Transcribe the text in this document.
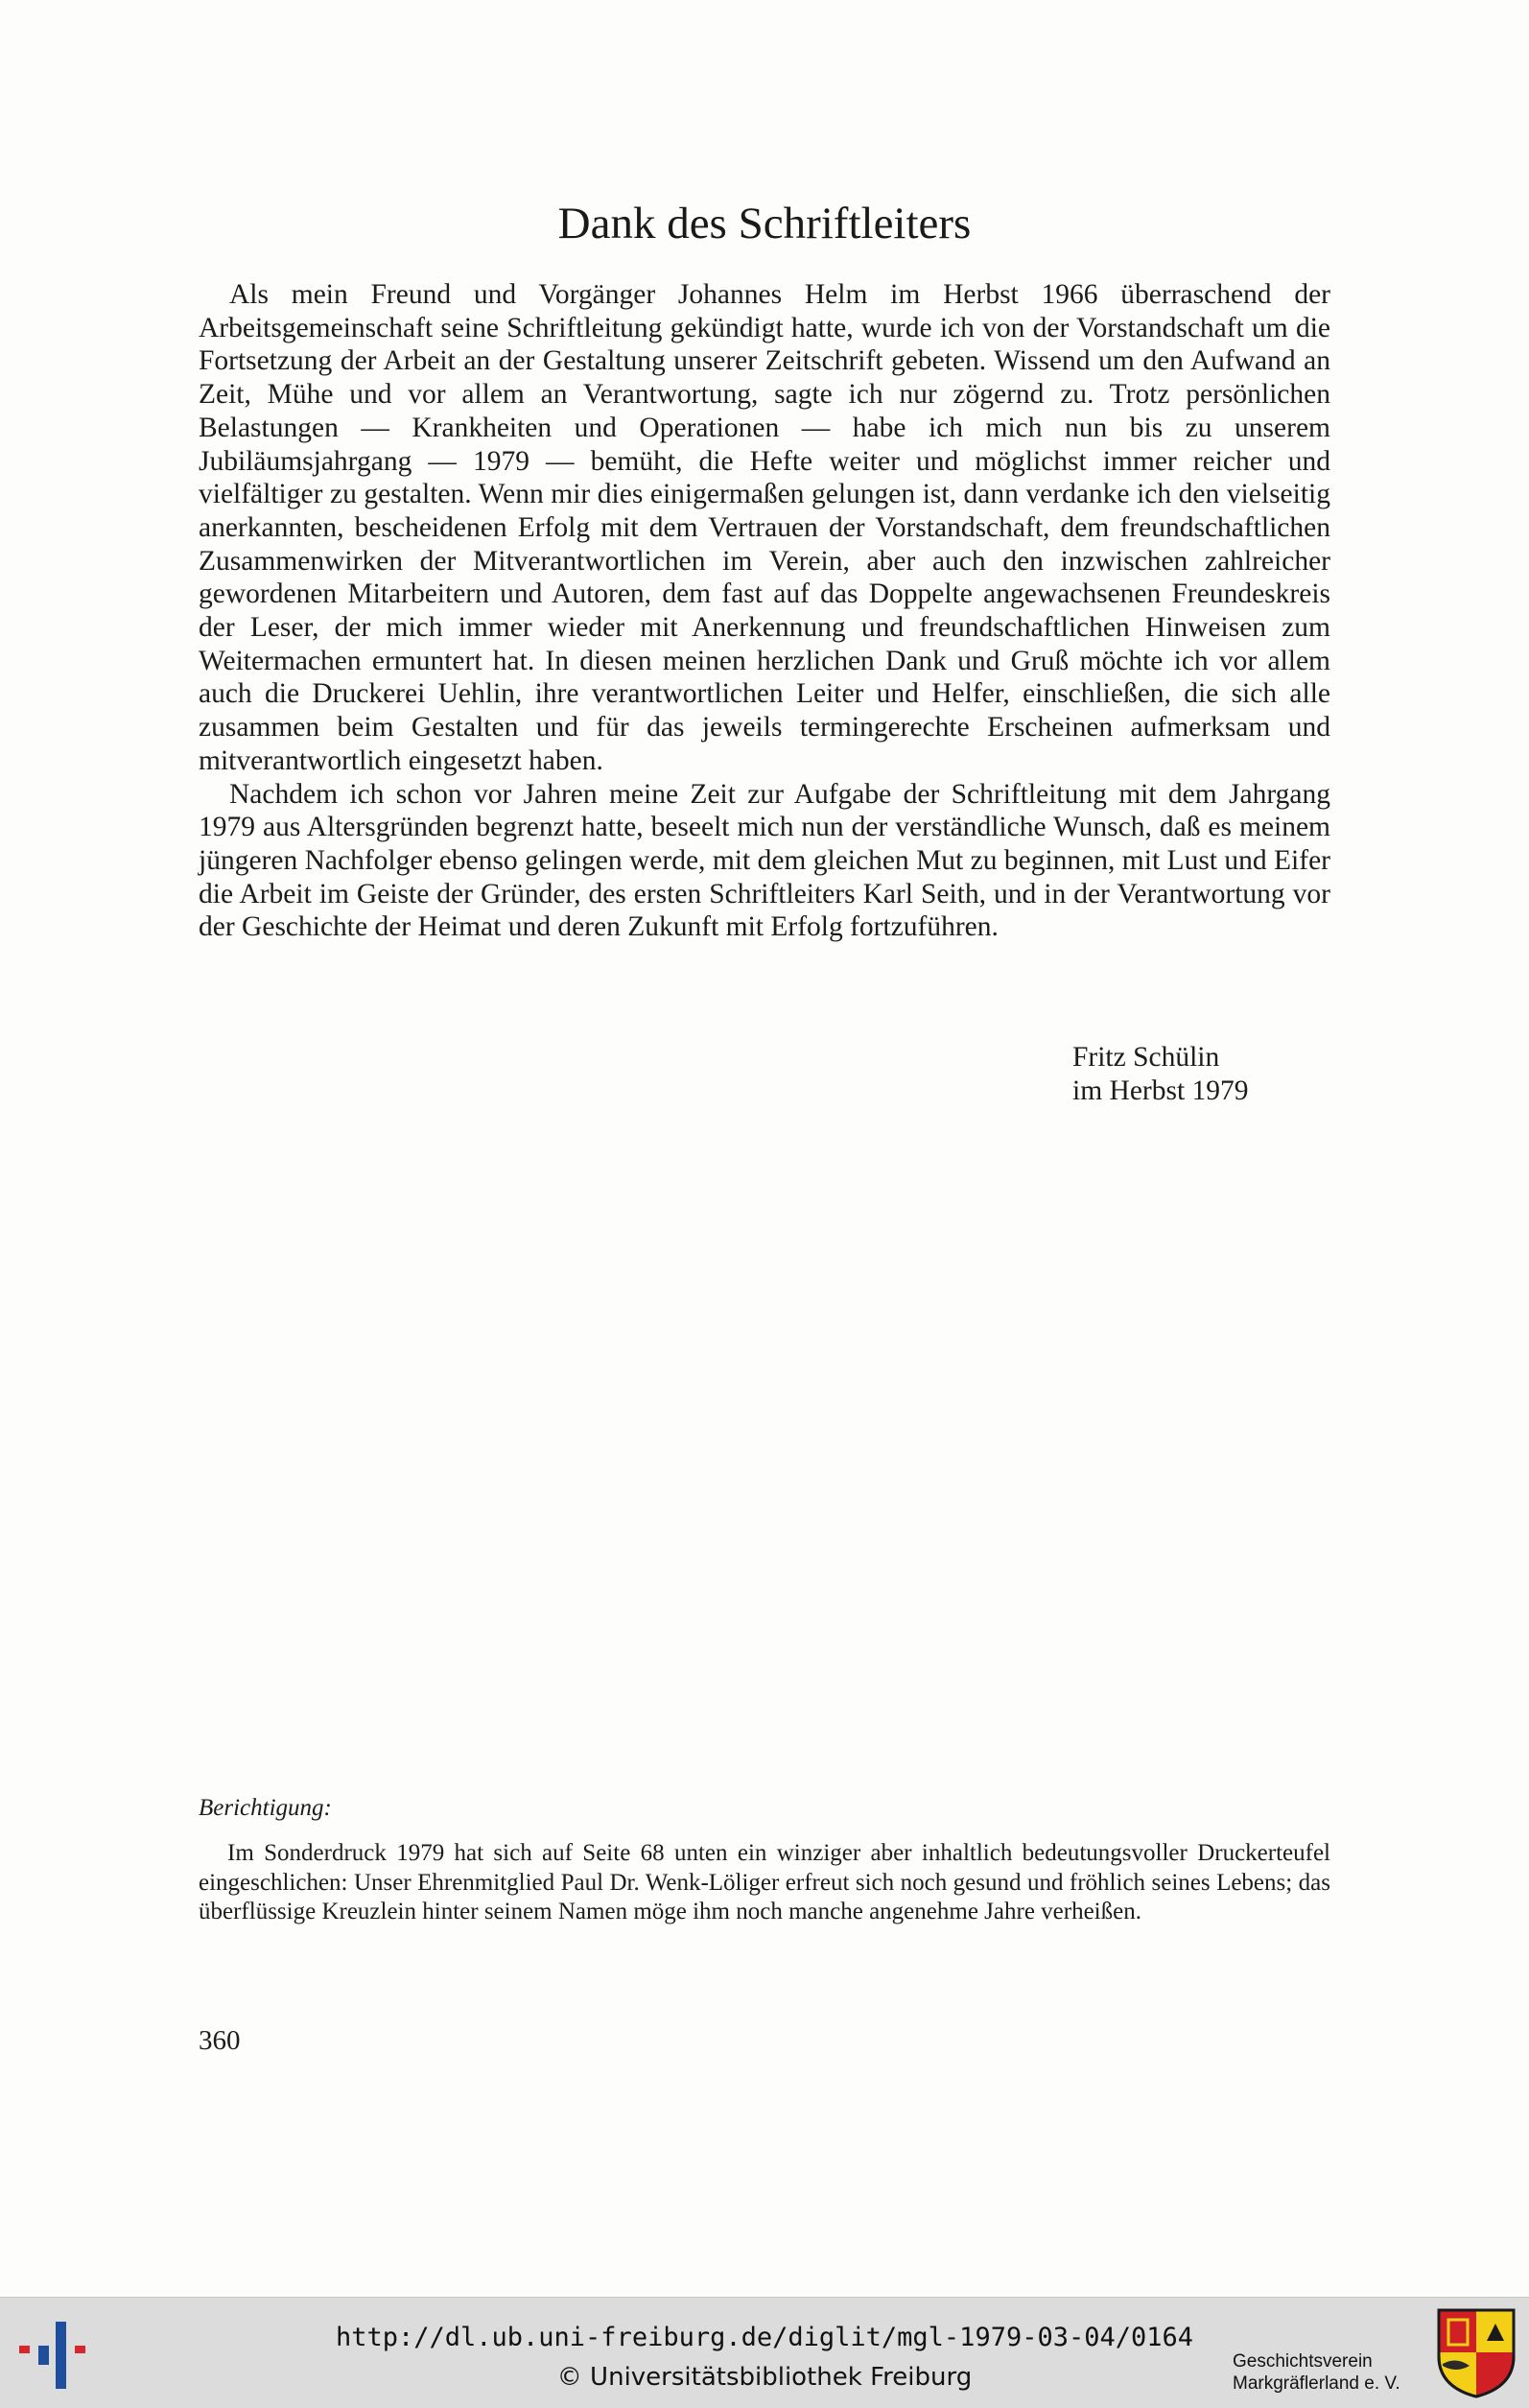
Dank des Schriftleiters

Als mein Freund und Vorgänger Johannes Helm im Herbst 1966 überraschend der Arbeitsgemeinschaft seine Schriftleitung gekündigt hatte, wurde ich von der Vorstandschaft um die Fortsetzung der Arbeit an der Gestaltung unserer Zeitschrift gebeten. Wissend um den Aufwand an Zeit, Mühe und vor allem an Verantwortung, sagte ich nur zögernd zu. Trotz persönlichen Belastungen — Krankheiten und Operationen — habe ich mich nun bis zu unserem Jubiläumsjahrgang — 1979 — bemüht, die Hefte weiter und möglichst immer reicher und vielfältiger zu gestalten. Wenn mir dies einigermaßen gelungen ist, dann verdanke ich den vielseitig anerkannten, bescheidenen Erfolg mit dem Vertrauen der Vorstandschaft, dem freundschaftlichen Zusammenwirken der Mitverantwortlichen im Verein, aber auch den inzwischen zahlreicher gewordenen Mitarbeitern und Autoren, dem fast auf das Doppelte angewachsenen Freundeskreis der Leser, der mich immer wieder mit Anerkennung und freundschaftlichen Hinweisen zum Weitermachen ermuntert hat. In diesen meinen herzlichen Dank und Gruß möchte ich vor allem auch die Druckerei Uehlin, ihre verantwortlichen Leiter und Helfer, einschließen, die sich alle zusammen beim Gestalten und für das jeweils termingerechte Erscheinen aufmerksam und mitverantwortlich eingesetzt haben.

Nachdem ich schon vor Jahren meine Zeit zur Aufgabe der Schriftleitung mit dem Jahrgang 1979 aus Altersgründen begrenzt hatte, beseelt mich nun der verständliche Wunsch, daß es meinem jüngeren Nachfolger ebenso gelingen werde, mit dem gleichen Mut zu beginnen, mit Lust und Eifer die Arbeit im Geiste der Gründer, des ersten Schriftleiters Karl Seith, und in der Verantwortung vor der Geschichte der Heimat und deren Zukunft mit Erfolg fortzuführen.

Fritz Schülin
im Herbst 1979
Berichtigung:
Im Sonderdruck 1979 hat sich auf Seite 68 unten ein winziger aber inhaltlich bedeutungsvoller Druckerteufel eingeschlichen: Unser Ehrenmitglied Paul Dr. Wenk-Löliger erfreut sich noch gesund und fröhlich seines Lebens; das überflüssige Kreuzlein hinter seinem Namen möge ihm noch manche angenehme Jahre verheißen.
360
http://dl.ub.uni-freiburg.de/diglit/mgl-1979-03-04/0164
© Universitätsbibliothek Freiburg
Geschichtsverein
Markgräflerland e. V.
